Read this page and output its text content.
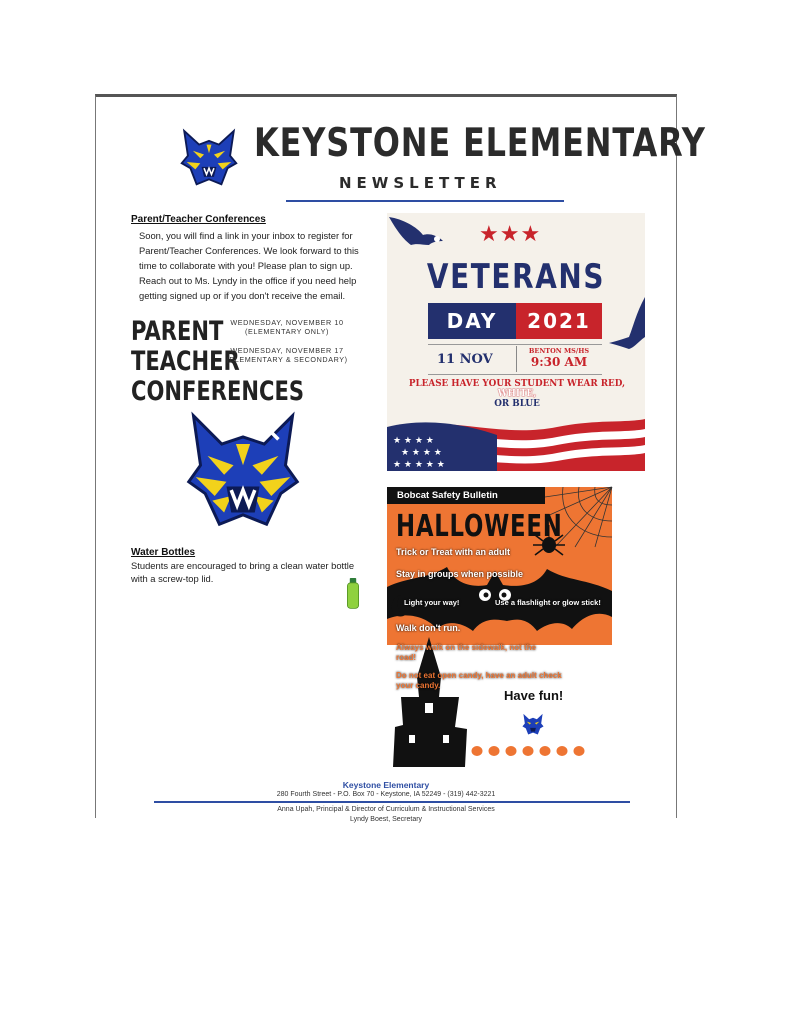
KEYSTONE ELEMENTARY
NEWSLETTER
Parent/Teacher Conferences
Soon, you will find a link in your inbox to register for
Parent/Teacher Conferences. We look forward to this
time to collaborate with you! Please plan to sign up.
Reach out to Ms. Lyndy in the office if you need help
getting signed up or if you don't receive the email.
PARENT
TEACHER
CONFERENCES
WEDNESDAY, NOVEMBER 10
(ELEMENTARY ONLY)
WEDNESDAY, NOVEMBER 17
(ELEMENTARY & SECONDARY)
Water Bottles
Students are encouraged to bring a clean water bottle
with a screw-top lid.
★★★
VETERANS
DAY	2021
11 NOV
BENTON MS/HS
9:30 AM
PLEASE HAVE YOUR STUDENT WEAR RED, WHITE,
OR BLUE
★ ★ ★ ★
★ ★ ★ ★
★ ★ ★ ★ ★
Bobcat Safety Bulletin
HALLOWEEN
Trick or Treat with an adult
Stay in groups when possible
Light your way!	Use a flashlight or glow stick!
Walk don't run.
Always walk on the sidewalk, not the
road!
Do not eat open candy, have an adult check
your candy.
Have fun!
Keystone Elementary
280 Fourth Street - P.O. Box 70 - Keystone, IA 52249 - (319) 442-3221
Anna Upah, Principal & Director of Curriculum & Instructional Services
Lyndy Boest, Secretary
